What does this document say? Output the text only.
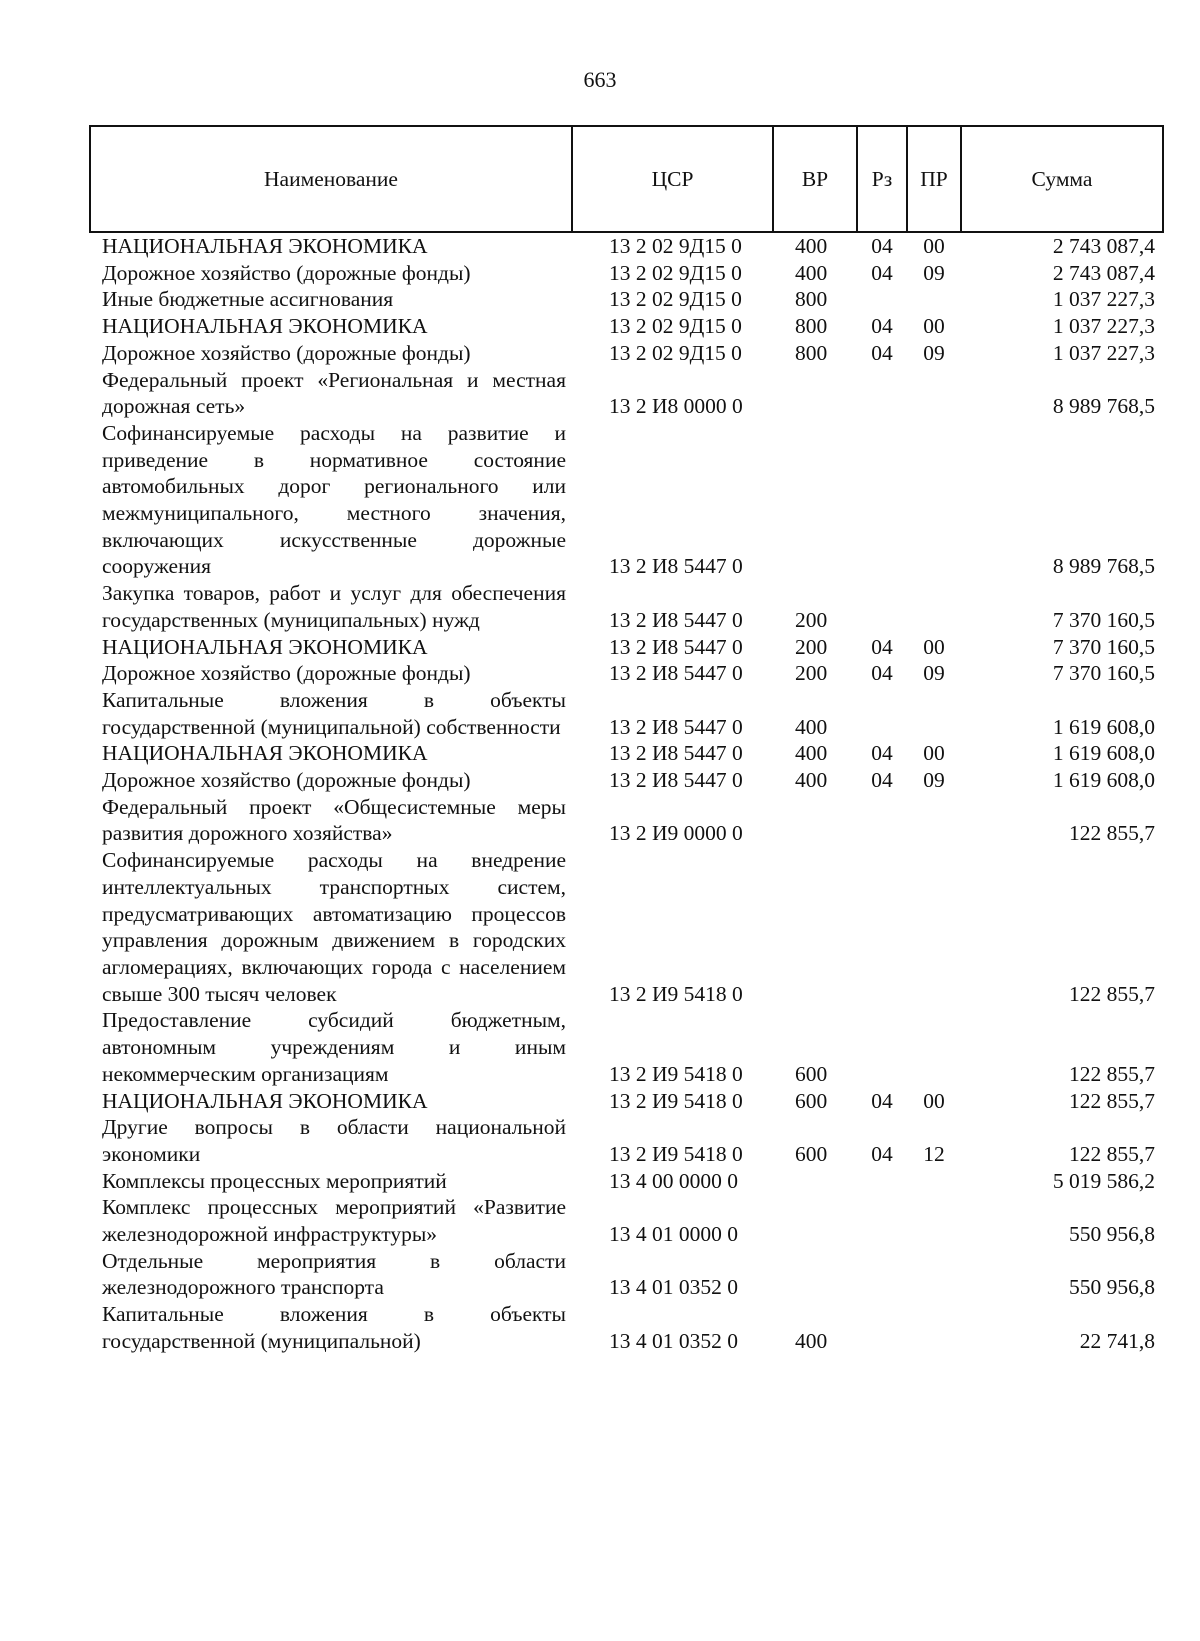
663
Наименование	ЦСР	ВР	Рз	ПР	Сумма
НАЦИОНАЛЬНАЯ ЭКОНОМИКА	13 2 02 9Д15 0	400	04	00	2 743 087,4
Дорожное хозяйство (дорожные фонды)	13 2 02 9Д15 0	400	04	09	2 743 087,4
Иные бюджетные ассигнования	13 2 02 9Д15 0	800			1 037 227,3
НАЦИОНАЛЬНАЯ ЭКОНОМИКА	13 2 02 9Д15 0	800	04	00	1 037 227,3
Дорожное хозяйство (дорожные фонды)	13 2 02 9Д15 0	800	04	09	1 037 227,3
Федеральный проект «Региональная и местная дорожная сеть»	13 2 И8 0000 0				8 989 768,5
Софинансируемые расходы на развитие и приведение в нормативное состояние автомобильных дорог регионального или межмуниципального, местного значения, включающих искусственные дорожные сооружения	13 2 И8 5447 0				8 989 768,5
Закупка товаров, работ и услуг для обеспечения государственных (муниципальных) нужд	13 2 И8 5447 0	200			7 370 160,5
НАЦИОНАЛЬНАЯ ЭКОНОМИКА	13 2 И8 5447 0	200	04	00	7 370 160,5
Дорожное хозяйство (дорожные фонды)	13 2 И8 5447 0	200	04	09	7 370 160,5
Капитальные вложения в объекты государственной (муниципальной) собственности	13 2 И8 5447 0	400			1 619 608,0
НАЦИОНАЛЬНАЯ ЭКОНОМИКА	13 2 И8 5447 0	400	04	00	1 619 608,0
Дорожное хозяйство (дорожные фонды)	13 2 И8 5447 0	400	04	09	1 619 608,0
Федеральный проект «Общесистемные меры развития дорожного хозяйства»	13 2 И9 0000 0				122 855,7
Софинансируемые расходы на внедрение интеллектуальных транспортных систем, предусматривающих автоматизацию процессов управления дорожным движением в городских агломерациях, включающих города с населением свыше 300 тысяч человек	13 2 И9 5418 0				122 855,7
Предоставление субсидий бюджетным, автономным учреждениям и иным некоммерческим организациям	13 2 И9 5418 0	600			122 855,7
НАЦИОНАЛЬНАЯ ЭКОНОМИКА	13 2 И9 5418 0	600	04	00	122 855,7
Другие вопросы в области национальной экономики	13 2 И9 5418 0	600	04	12	122 855,7
Комплексы процессных мероприятий	13 4 00 0000 0				5 019 586,2
Комплекс процессных мероприятий «Развитие железнодорожной инфраструктуры»	13 4 01 0000 0				550 956,8
Отдельные мероприятия в области железнодорожного транспорта	13 4 01 0352 0				550 956,8
Капитальные вложения в объекты государственной (муниципальной)	13 4 01 0352 0	400			22 741,8
